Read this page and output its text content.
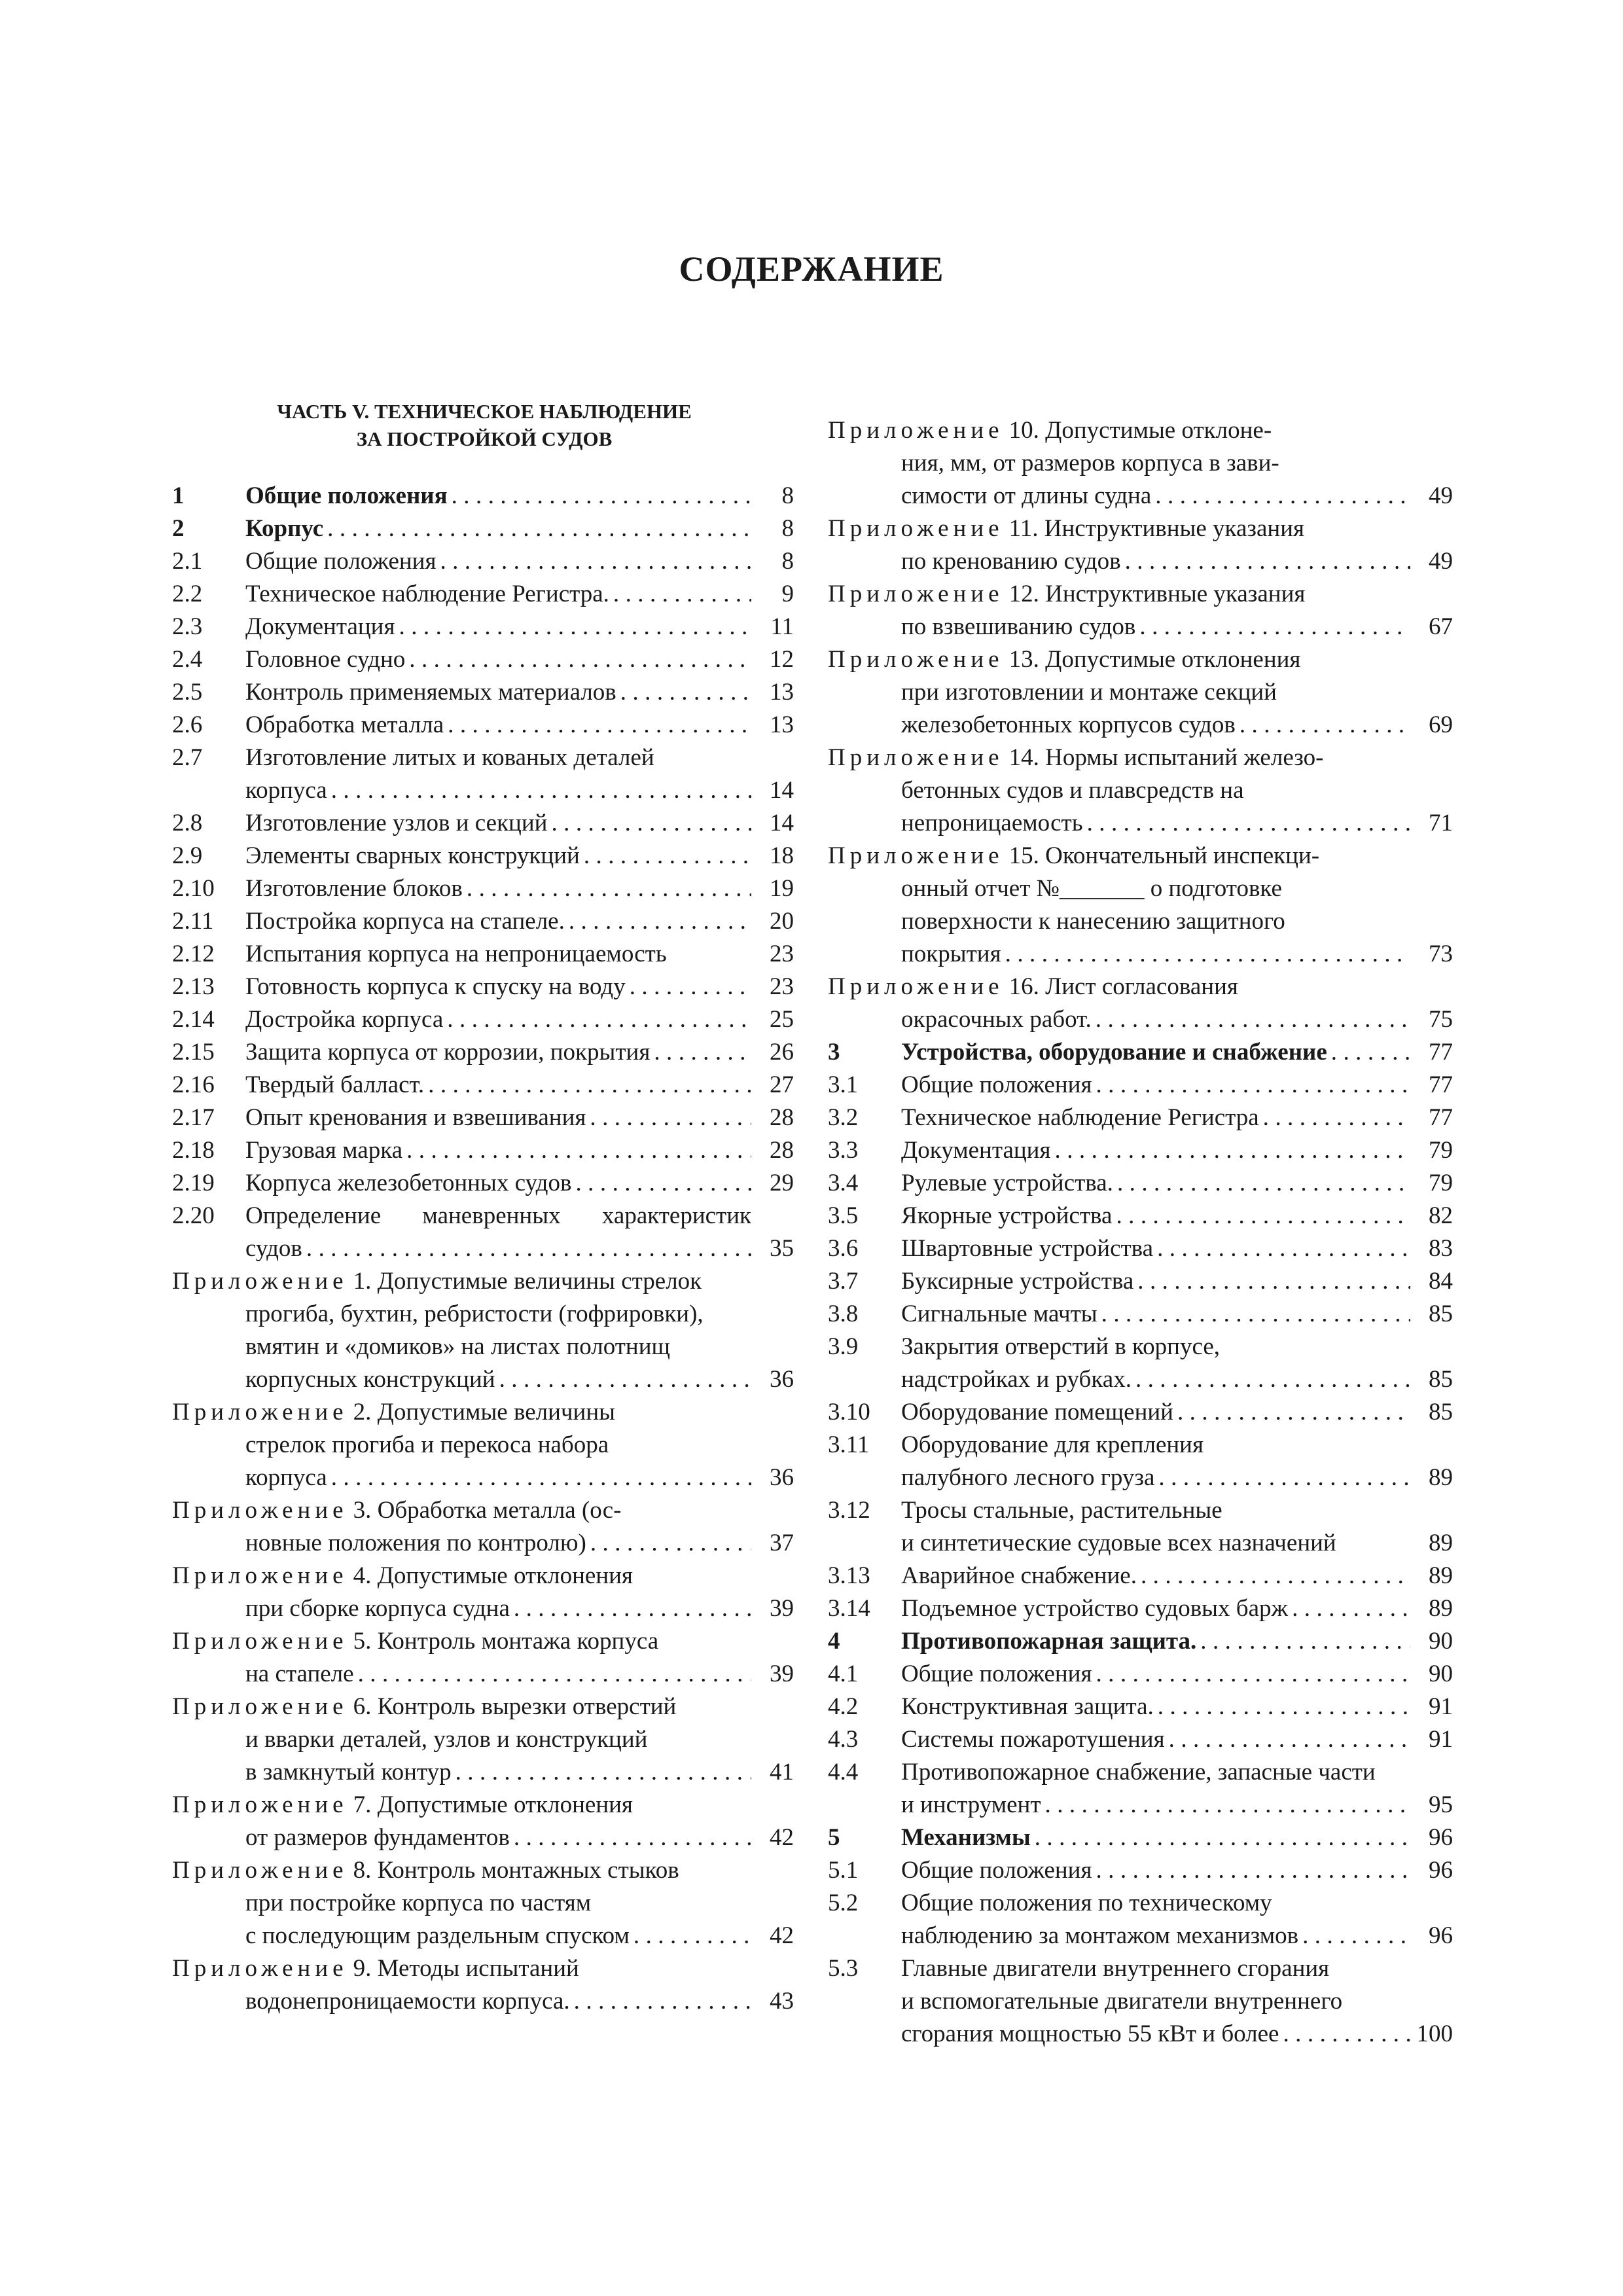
СОДЕРЖАНИЕ
ЧАСТЬ V. ТЕХНИЧЕСКОЕ НАБЛЮДЕНИЕ
ЗА ПОСТРОЙКОЙ СУДОВ
1	Общие положения . . .	8
2	Корпус . . .	8
2.1 Общие положения . . .	8
2.2 Техническое наблюдение Регистра. . . .	9
2.3 Документация . . .	11
2.4 Головное судно . . .	12
2.5 Контроль применяемых материалов . . .	13
2.6 Обработка металла . . .	13
2.7 Изготовление литых и кованых деталей
корпуса . . .	14
2.8 Изготовление узлов и секций . . .	14
2.9 Элементы сварных конструкций . . .	18
2.10 Изготовление блоков . . .	19
2.11 Постройка корпуса на стапеле. . . .	20
2.12 Испытания корпуса на непроницаемость	23
2.13 Готовность корпуса к спуску на воду . . .	23
2.14 Достройка корпуса . . .	25
2.15 Защита корпуса от коррозии, покрытия . . .	26
2.16 Твердый балласт. . . .	27
2.17 Опыт кренования и взвешивания . . .	28
2.18 Грузовая марка . . .	28
2.19 Корпуса железобетонных судов . . .	29
2.20 Определение маневренных характеристик
судов . . .	35
Приложение 1. Допустимые величины стрелок
прогиба, бухтин, ребристости (гофрировки),
вмятин и «домиков» на листах полотнищ
корпусных конструкций . . .	36
Приложение 2. Допустимые величины
стрелок прогиба и перекоса набора
корпуса . . .	36
Приложение 3. Обработка металла (ос-
новные положения по контролю) . . .	37
Приложение 4. Допустимые отклонения
при сборке корпуса судна . . .	39
Приложение 5. Контроль монтажа корпуса
на стапеле . . .	39
Приложение 6. Контроль вырезки отверстий
и вварки деталей, узлов и конструкций
в замкнутый контур . . .	41
Приложение 7. Допустимые отклонения
от размеров фундаментов . . .	42
Приложение 8. Контроль монтажных стыков
при постройке корпуса по частям
с последующим раздельным спуском . . .	42
Приложение 9. Методы испытаний
водонепроницаемости корпуса. . . .	43
Приложение 10. Допустимые отклоне-
ния, мм, от размеров корпуса в зави-
симости от длины судна . . .	49
Приложение 11. Инструктивные указания
по кренованию судов . . .	49
Приложение 12. Инструктивные указания
по взвешиванию судов . . .	67
Приложение 13. Допустимые отклонения
при изготовлении и монтаже секций
железобетонных корпусов судов . . .	69
Приложение 14. Нормы испытаний железо-
бетонных судов и плавсредств на
непроницаемость . . .	71
Приложение 15. Окончательный инспекци-
онный отчет №_______ о подготовке
поверхности к нанесению защитного
покрытия . . .	73
Приложение 16. Лист согласования
окрасочных работ. . . .	75
3	Устройства, оборудование и снабжение . . .	77
3.1 Общие положения . . .	77
3.2 Техническое наблюдение Регистра . . .	77
3.3 Документация . . .	79
3.4 Рулевые устройства. . . .	79
3.5 Якорные устройства . . .	82
3.6 Швартовные устройства . . .	83
3.7 Буксирные устройства . . .	84
3.8 Сигнальные мачты . . .	85
3.9 Закрытия отверстий в корпусе,
надстройках и рубках. . . .	85
3.10 Оборудование помещений . . .	85
3.11 Оборудование для крепления
палубного лесного груза . . .	89
3.12 Тросы стальные, растительные
и синтетические судовые всех назначений	89
3.13 Аварийное снабжение. . . .	89
3.14 Подъемное устройство судовых барж . . .	89
4	Противопожарная защита. . . .	90
4.1 Общие положения . . .	90
4.2 Конструктивная защита. . . .	91
4.3 Системы пожаротушения . . .	91
4.4 Противопожарное снабжение, запасные части
и инструмент . . .	95
5	Механизмы . . .	96
5.1 Общие положения . . .	96
5.2 Общие положения по техническому
наблюдению за монтажом механизмов . . .	96
5.3 Главные двигатели внутреннего сгорания
и вспомогательные двигатели внутреннего
сгорания мощностью 55 кВт и более . . .	100
